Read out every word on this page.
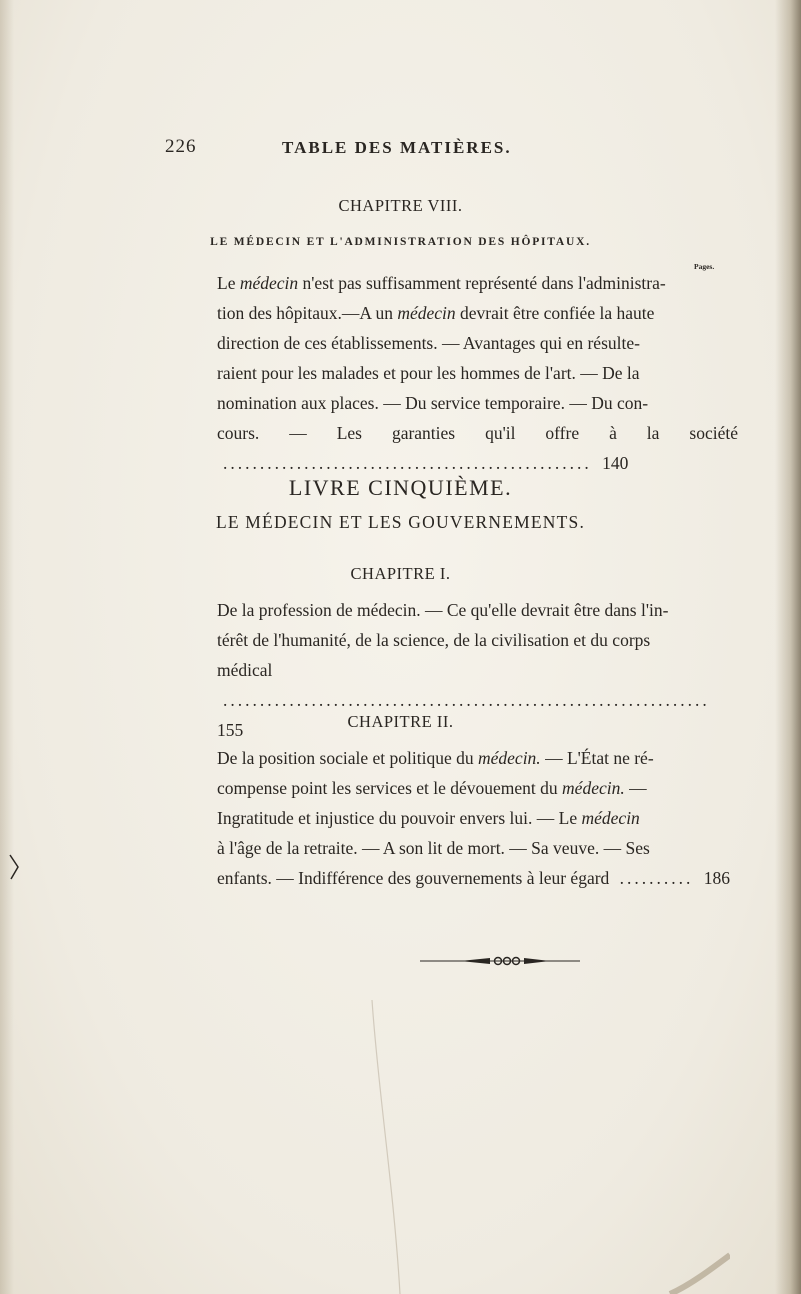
226	TABLE DES MATIÈRES.
CHAPITRE VIII.
LE MÉDECIN ET L'ADMINISTRATION DES HÔPITAUX.
Pages.
Le médecin n'est pas suffisamment représenté dans l'administra-
tion des hôpitaux.—A un médecin devrait être confiée la haute
direction de ces établissements. — Avantages qui en résulte-
raient pour les malades et pour les hommes de l'art. — De la
nomination aux places. — Du service temporaire. — Du con-
cours. — Les garanties qu'il offre à la société .................................................. 140
LIVRE CINQUIÈME.
LE MÉDECIN ET LES GOUVERNEMENTS.
CHAPITRE I.
De la profession de médecin. — Ce qu'elle devrait être dans l'in-
térêt de l'humanité, de la science, de la civilisation et du corps
médical .................................................................. 155	CHAPITRE II.
De la position sociale et politique du médecin. — L'État ne ré-
compense point les services et le dévouement du médecin. —
Ingratitude et injustice du pouvoir envers lui. — Le médecin
à l'âge de la retraite. — A son lit de mort. — Sa veuve. — Ses
enfants. — Indifférence des gouvernements à leur égard .......... 186
